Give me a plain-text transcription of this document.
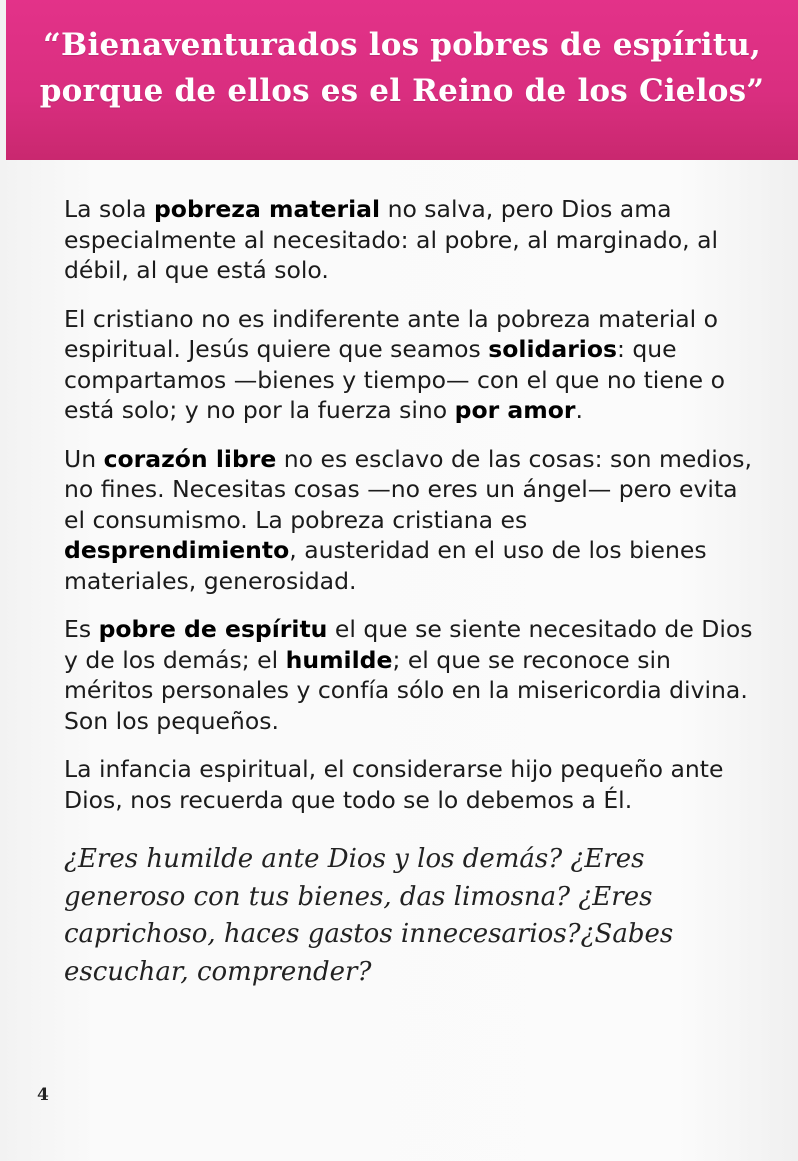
“Bienaventurados los pobres de espíritu,
porque de ellos es el Reino de los Cielos”

La sola pobreza material no salva, pero Dios ama especialmente al necesitado: al pobre, al marginado, al débil, al que está solo.

El cristiano no es indiferente ante la pobreza material o espiritual. Jesús quiere que seamos solidarios: que compartamos —bienes y tiempo— con el que no tiene o está solo; y no por la fuerza sino por amor.

Un corazón libre no es esclavo de las cosas: son medios, no fines. Necesitas cosas —no eres un ángel— pero evita el consumismo. La pobreza cristiana es desprendimiento, austeridad en el uso de los bienes materiales, generosidad.

Es pobre de espíritu el que se siente necesitado de Dios y de los demás; el humilde; el que se reconoce sin méritos personales y confía sólo en la misericordia divina. Son los pequeños.

La infancia espiritual, el considerarse hijo pequeño ante Dios, nos recuerda que todo se lo debemos a Él.

¿Eres humilde ante Dios y los demás? ¿Eres generoso con tus bienes, das limosna? ¿Eres caprichoso, haces gastos innecesarios?¿Sabes escuchar, comprender?
4
